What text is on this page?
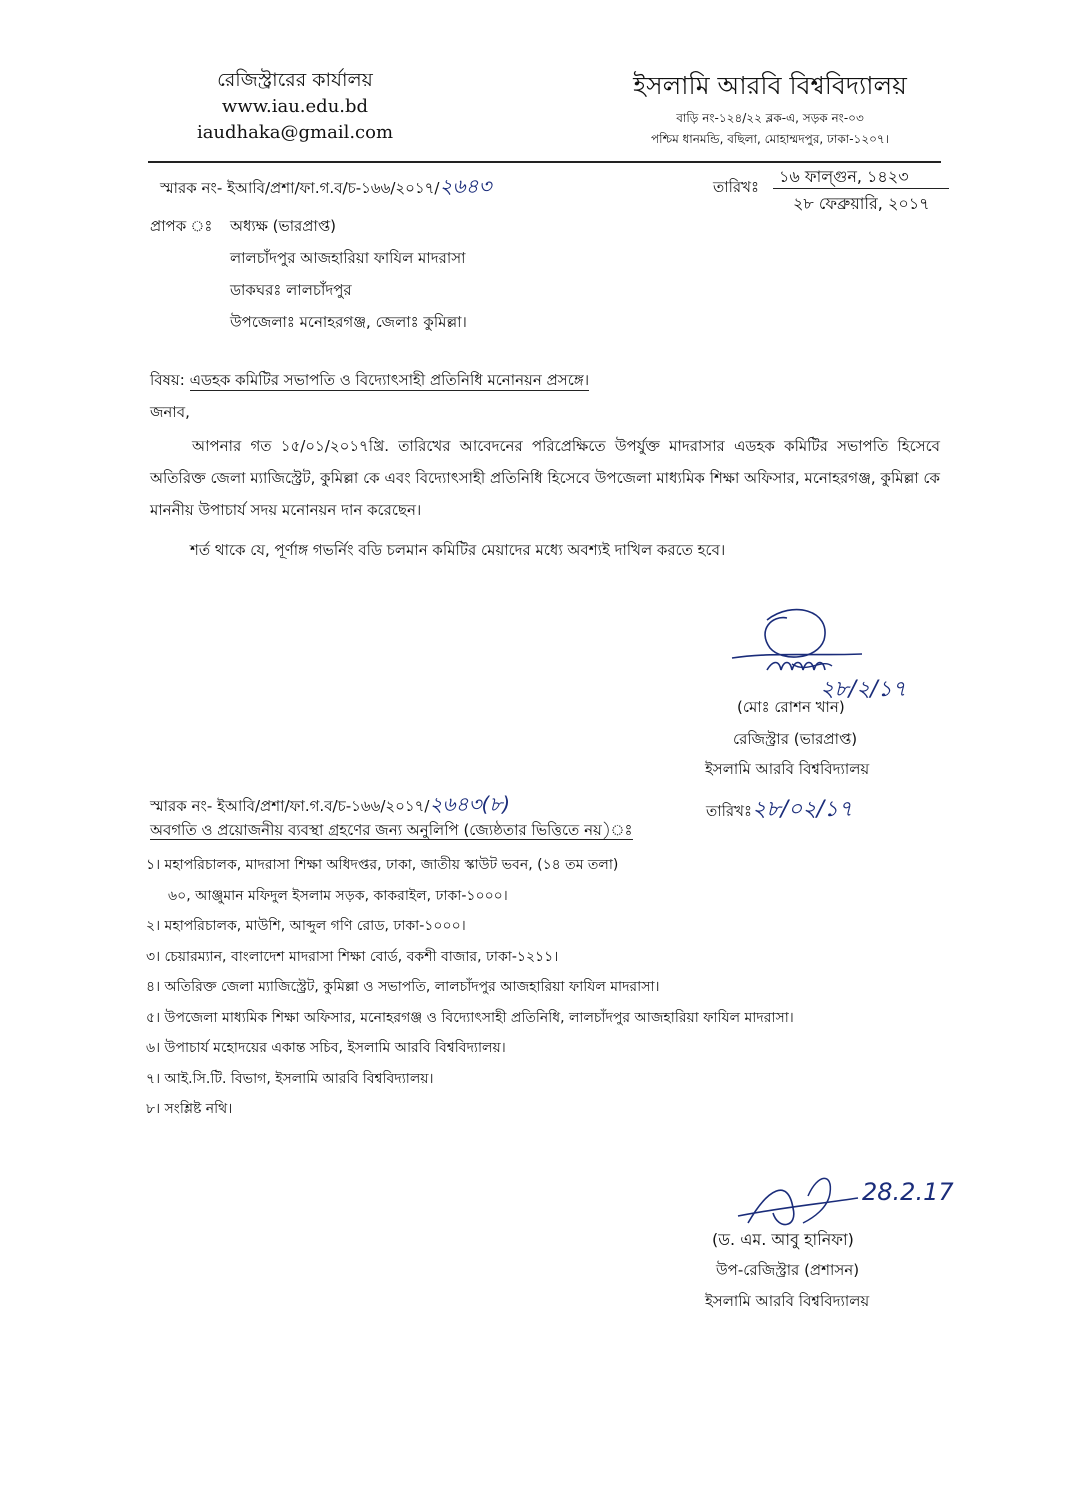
রেজিস্ট্রারের কার্যালয়
www.iau.edu.bd
iaudhaka@gmail.com
ইসলামি আরবি বিশ্ববিদ্যালয়
বাড়ি নং-১২৪/২২ ব্লক-এ, সড়ক নং-০৩
পশ্চিম ধানমন্ডি, বছিলা, মোহাম্মদপুর, ঢাকা-১২০৭।
স্মারক নং- ইআবি/প্রশা/ফা.গ.ব/চ-১৬৬/২০১৭/২৬৪৩	তারিখঃ
১৬ ফাল্গুন, ১৪২৩
২৮ ফেব্রুয়ারি, ২০১৭
প্রাপক ঃ অধ্যক্ষ (ভারপ্রাপ্ত)
লালচাঁদপুর আজহারিয়া ফাযিল মাদরাসা
ডাকঘরঃ লালচাঁদপুর
উপজেলাঃ মনোহরগঞ্জ, জেলাঃ কুমিল্লা।
বিষয়: এডহক কমিটির সভাপতি ও বিদ্যোৎসাহী প্রতিনিধি মনোনয়ন প্রসঙ্গে।
জনাব,
আপনার গত ১৫/০১/২০১৭খ্রি. তারিখের আবেদনের পরিপ্রেক্ষিতে উপর্যুক্ত মাদরাসার এডহক কমিটির সভাপতি হিসেবে অতিরিক্ত জেলা ম্যাজিস্ট্রেট, কুমিল্লা কে এবং বিদ্যোৎসাহী প্রতিনিধি হিসেবে উপজেলা মাধ্যমিক শিক্ষা অফিসার, মনোহরগঞ্জ, কুমিল্লা কে মাননীয় উপাচার্য সদয় মনোনয়ন দান করেছেন।
শর্ত থাকে যে, পূর্ণাঙ্গ গভর্নিং বডি চলমান কমিটির মেয়াদের মধ্যে অবশ্যই দাখিল করতে হবে।
২৮/২/১৭
(মোঃ রোশন খান)
রেজিস্ট্রার (ভারপ্রাপ্ত)
ইসলামি আরবি বিশ্ববিদ্যালয়
স্মারক নং- ইআবি/প্রশা/ফা.গ.ব/চ-১৬৬/২০১৭/২৬৪৩(৮)	তারিখঃ২৮/০২/১৭
অবগতি ও প্রয়োজনীয় ব্যবস্থা গ্রহণের জন্য অনুলিপি (জ্যেষ্ঠতার ভিত্তিতে নয়)ঃ
১। মহাপরিচালক, মাদরাসা শিক্ষা অধিদপ্তর, ঢাকা, জাতীয় স্কাউট ভবন, (১৪ তম তলা)
৬০, আঞ্জুমান মফিদুল ইসলাম সড়ক, কাকরাইল, ঢাকা-১০০০।
২। মহাপরিচালক, মাউশি, আব্দুল গণি রোড, ঢাকা-১০০০।
৩। চেয়ারম্যান, বাংলাদেশ মাদরাসা শিক্ষা বোর্ড, বকশী বাজার, ঢাকা-১২১১।
৪। অতিরিক্ত জেলা ম্যাজিস্ট্রেট, কুমিল্লা ও সভাপতি, লালচাঁদপুর আজহারিয়া ফাযিল মাদরাসা।
৫। উপজেলা মাধ্যমিক শিক্ষা অফিসার, মনোহরগঞ্জ ও বিদ্যোৎসাহী প্রতিনিধি, লালচাঁদপুর আজহারিয়া ফাযিল মাদরাসা।
৬। উপাচার্য মহোদয়ের একান্ত সচিব, ইসলামি আরবি বিশ্ববিদ্যালয়।
৭। আই.সি.টি. বিভাগ, ইসলামি আরবি বিশ্ববিদ্যালয়।
৮। সংশ্লিষ্ট নথি।
28.2.17
(ড. এম. আবু হানিফা)
উপ-রেজিস্ট্রার (প্রশাসন)
ইসলামি আরবি বিশ্ববিদ্যালয়
